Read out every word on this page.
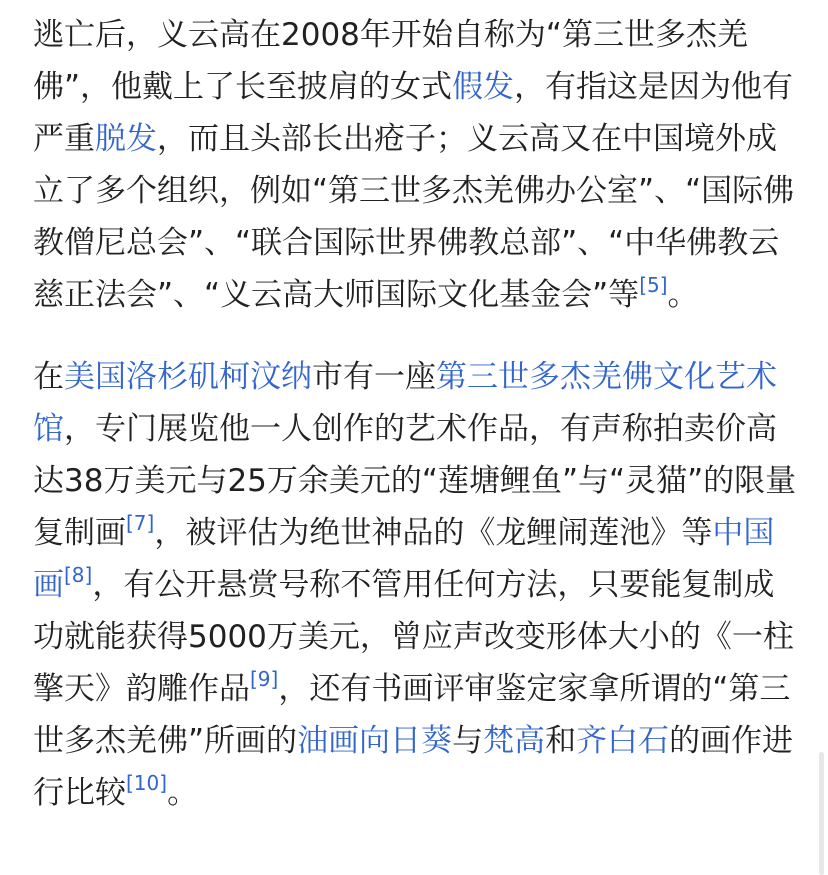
逃亡后，义云高在2008年开始自称为“第三世多杰羌佛”，他戴上了长至披肩的女式假发，有指这是因为他有严重脱发，而且头部长出疮子；义云高又在中国境外成立了多个组织，例如“第三世多杰羌佛办公室”、“国际佛教僧尼总会”、“联合国际世界佛教总部”、“中华佛教云慈正法会”、“义云高大师国际文化基金会”等[5]。

在美国洛杉矶柯汶纳市有一座第三世多杰羌佛文化艺术馆，专门展览他一人创作的艺术作品，有声称拍卖价高达38万美元与25万余美元的“莲塘鲤鱼”与“灵猫”的限量复制画[7]，被评估为绝世神品的《龙鲤闹莲池》等中国画[8]，有公开悬赏号称不管用任何方法，只要能复制成功就能获得5000万美元，曾应声改变形体大小的《一柱擎天》韵雕作品[9]，还有书画评审鉴定家拿所谓的“第三世多杰羌佛”所画的油画向日葵与梵高和齐白石的画作进行比较[10]。
